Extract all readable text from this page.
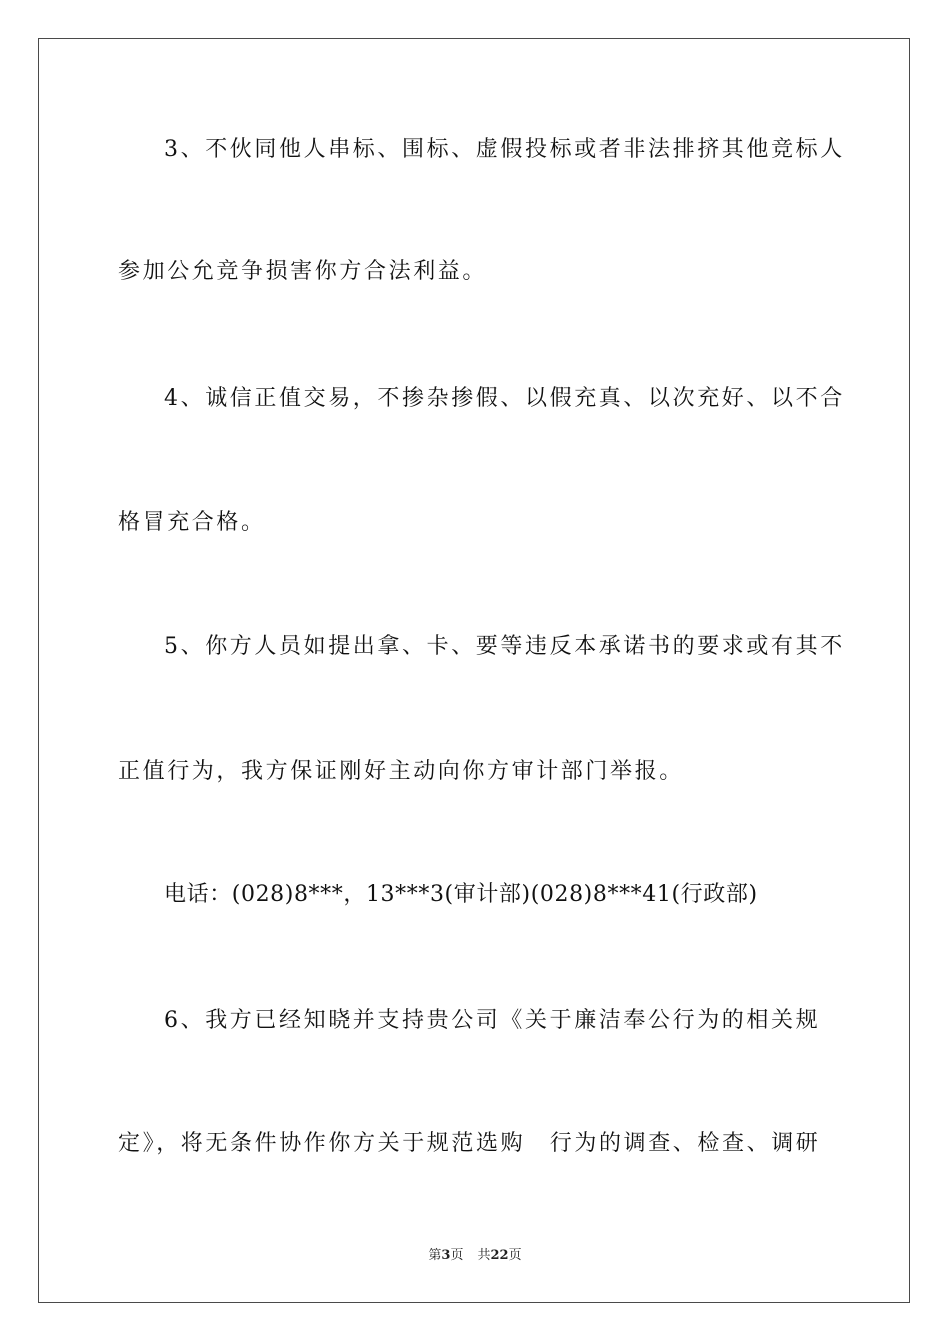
3、不伙同他人串标、围标、虚假投标或者非法排挤其他竞标人
参加公允竞争损害你方合法利益。
4、诚信正值交易，不掺杂掺假、以假充真、以次充好、以不合
格冒充合格。
5、你方人员如提出拿、卡、要等违反本承诺书的要求或有其不
正值行为，我方保证刚好主动向你方审计部门举报。
电话：(028)8***，13***3(审计部)(028)8***41(行政部)
6、我方已经知晓并支持贵公司《关于廉洁奉公行为的相关规
定》，将无条件协作你方关于规范选购　行为的调查、检查、调研
第3页 共22页
